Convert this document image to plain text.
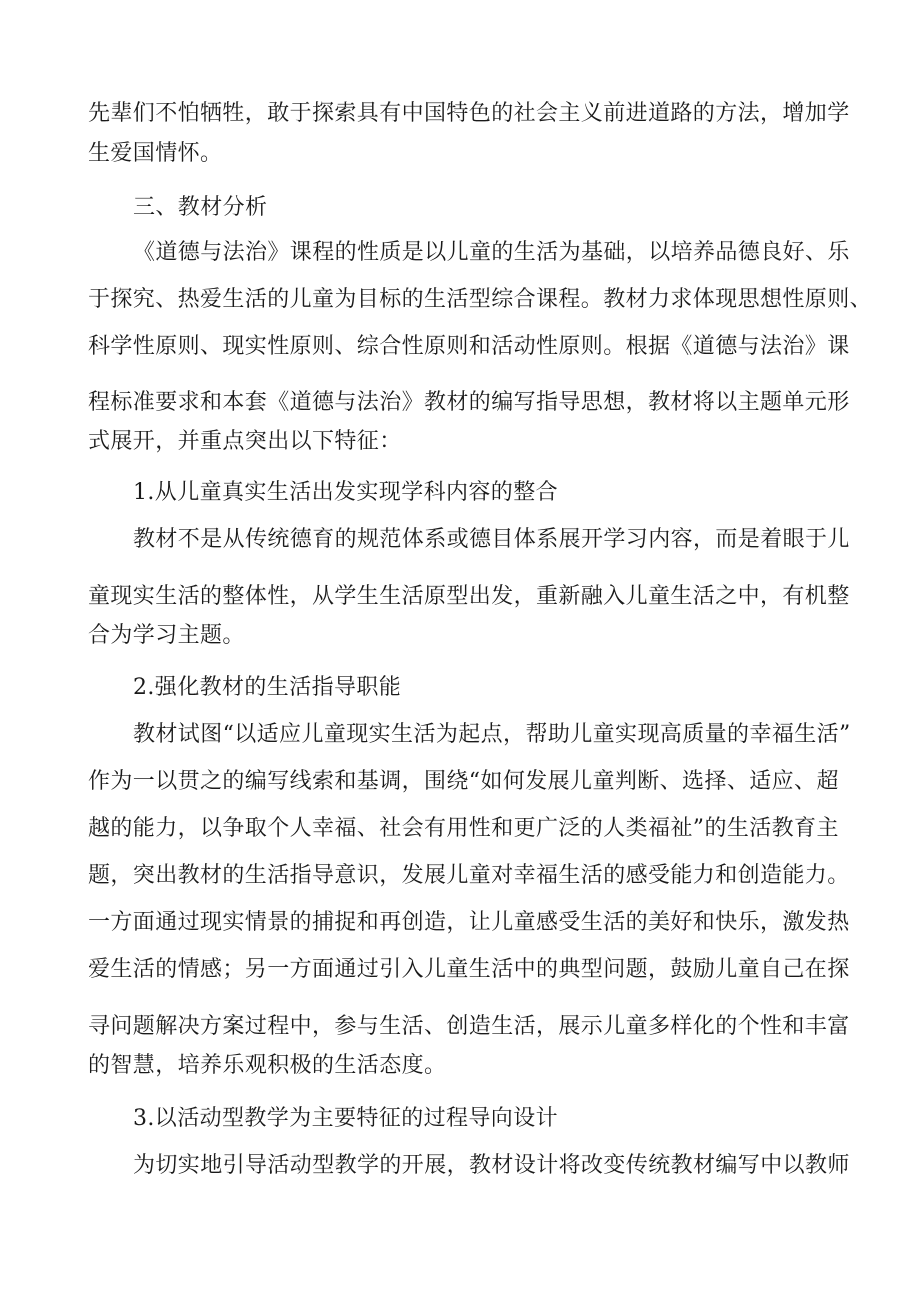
先辈们不怕牺牲，敢于探索具有中国特色的社会主义前进道路的方法，增加学
生爱国情怀。
三、教材分析
《道德与法治》课程的性质是以儿童的生活为基础，以培养品德良好、乐
于探究、热爱生活的儿童为目标的生活型综合课程。教材力求体现思想性原则、
科学性原则、现实性原则、综合性原则和活动性原则。根据《道德与法治》课
程标准要求和本套《道德与法治》教材的编写指导思想，教材将以主题单元形
式展开，并重点突出以下特征：
1.从儿童真实生活出发实现学科内容的整合
教材不是从传统德育的规范体系或德目体系展开学习内容，而是着眼于儿
童现实生活的整体性，从学生生活原型出发，重新融入儿童生活之中，有机整
合为学习主题。
2.强化教材的生活指导职能
教材试图“以适应儿童现实生活为起点，帮助儿童实现高质量的幸福生活”
作为一以贯之的编写线索和基调，围绕“如何发展儿童判断、选择、适应、超
越的能力，以争取个人幸福、社会有用性和更广泛的人类福祉”的生活教育主
题，突出教材的生活指导意识，发展儿童对幸福生活的感受能力和创造能力。
一方面通过现实情景的捕捉和再创造，让儿童感受生活的美好和快乐，激发热
爱生活的情感；另一方面通过引入儿童生活中的典型问题，鼓励儿童自己在探
寻问题解决方案过程中，参与生活、创造生活，展示儿童多样化的个性和丰富
的智慧，培养乐观积极的生活态度。
3.以活动型教学为主要特征的过程导向设计
为切实地引导活动型教学的开展，教材设计将改变传统教材编写中以教师
